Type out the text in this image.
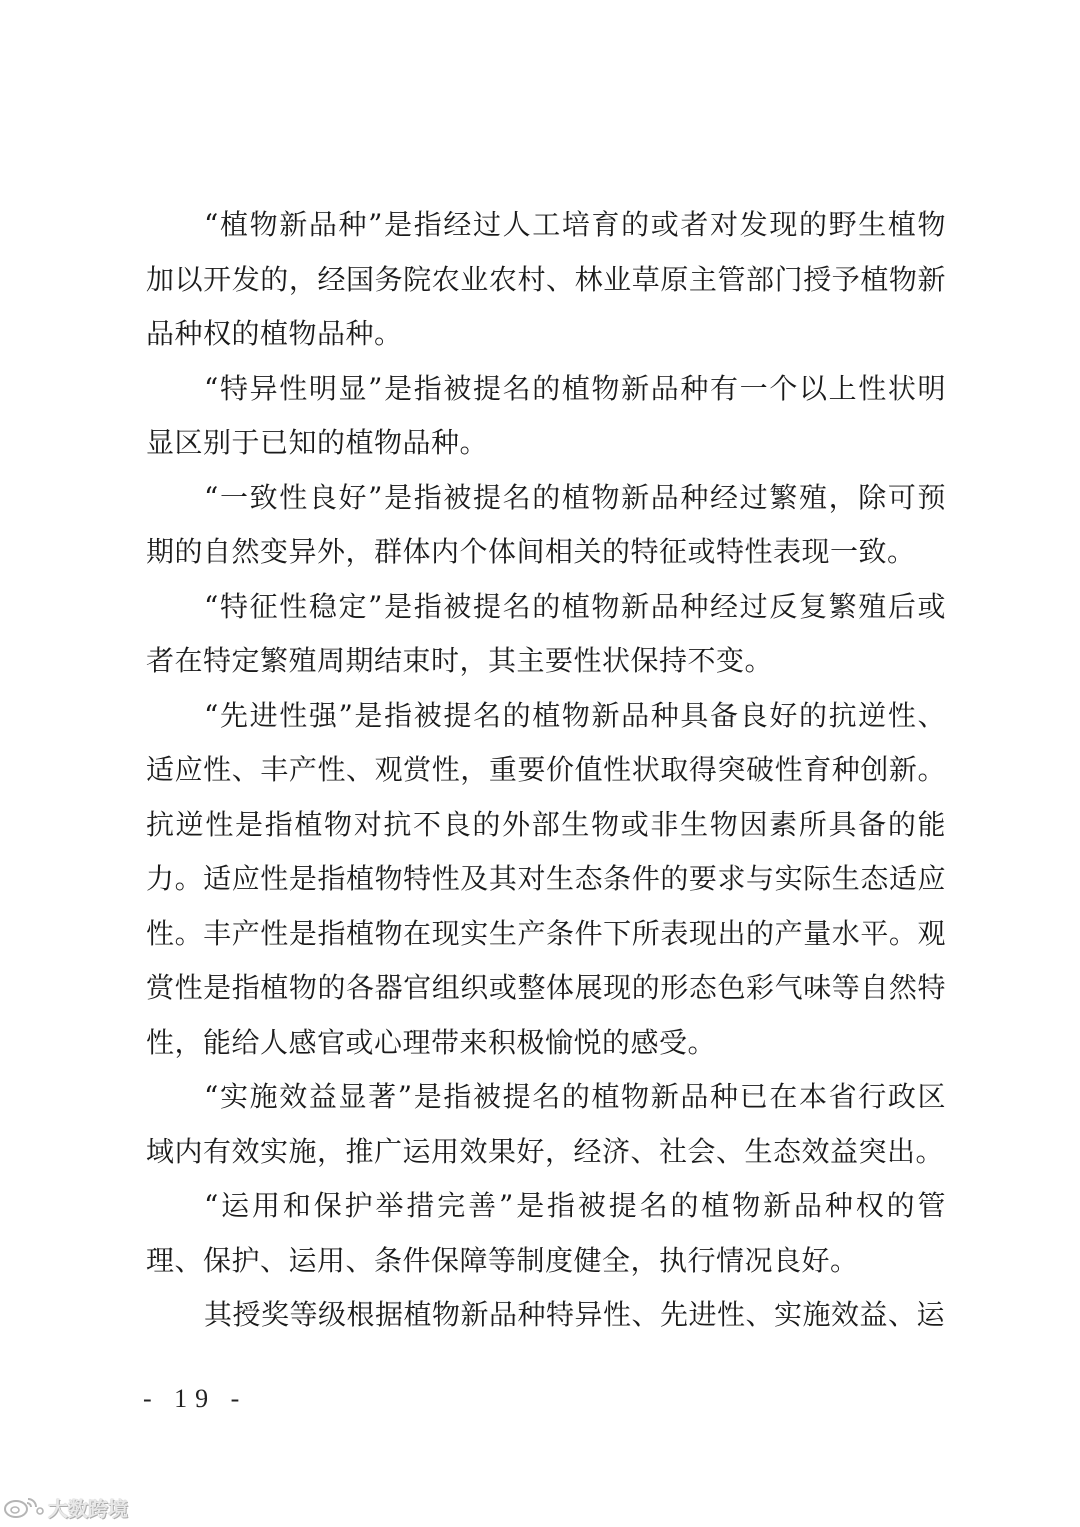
“植物新品种”是指经过人工培育的或者对发现的野生植物加以开发的，经国务院农业农村、林业草原主管部门授予植物新品种权的植物品种。

“特异性明显”是指被提名的植物新品种有一个以上性状明显区别于已知的植物品种。

“一致性良好”是指被提名的植物新品种经过繁殖，除可预期的自然变异外，群体内个体间相关的特征或特性表现一致。

“特征性稳定”是指被提名的植物新品种经过反复繁殖后或者在特定繁殖周期结束时，其主要性状保持不变。

“先进性强”是指被提名的植物新品种具备良好的抗逆性、适应性、丰产性、观赏性，重要价值性状取得突破性育种创新。抗逆性是指植物对抗不良的外部生物或非生物因素所具备的能力。适应性是指植物特性及其对生态条件的要求与实际生态适应性。丰产性是指植物在现实生产条件下所表现出的产量水平。观赏性是指植物的各器官组织或整体展现的形态色彩气味等自然特性，能给人感官或心理带来积极愉悦的感受。

“实施效益显著”是指被提名的植物新品种已在本省行政区域内有效实施，推广运用效果好，经济、社会、生态效益突出。

“运用和保护举措完善”是指被提名的植物新品种权的管理、保护、运用、条件保障等制度健全，执行情况良好。

其授奖等级根据植物新品种特异性、先进性、实施效益、运

- 19 -
大数跨境
